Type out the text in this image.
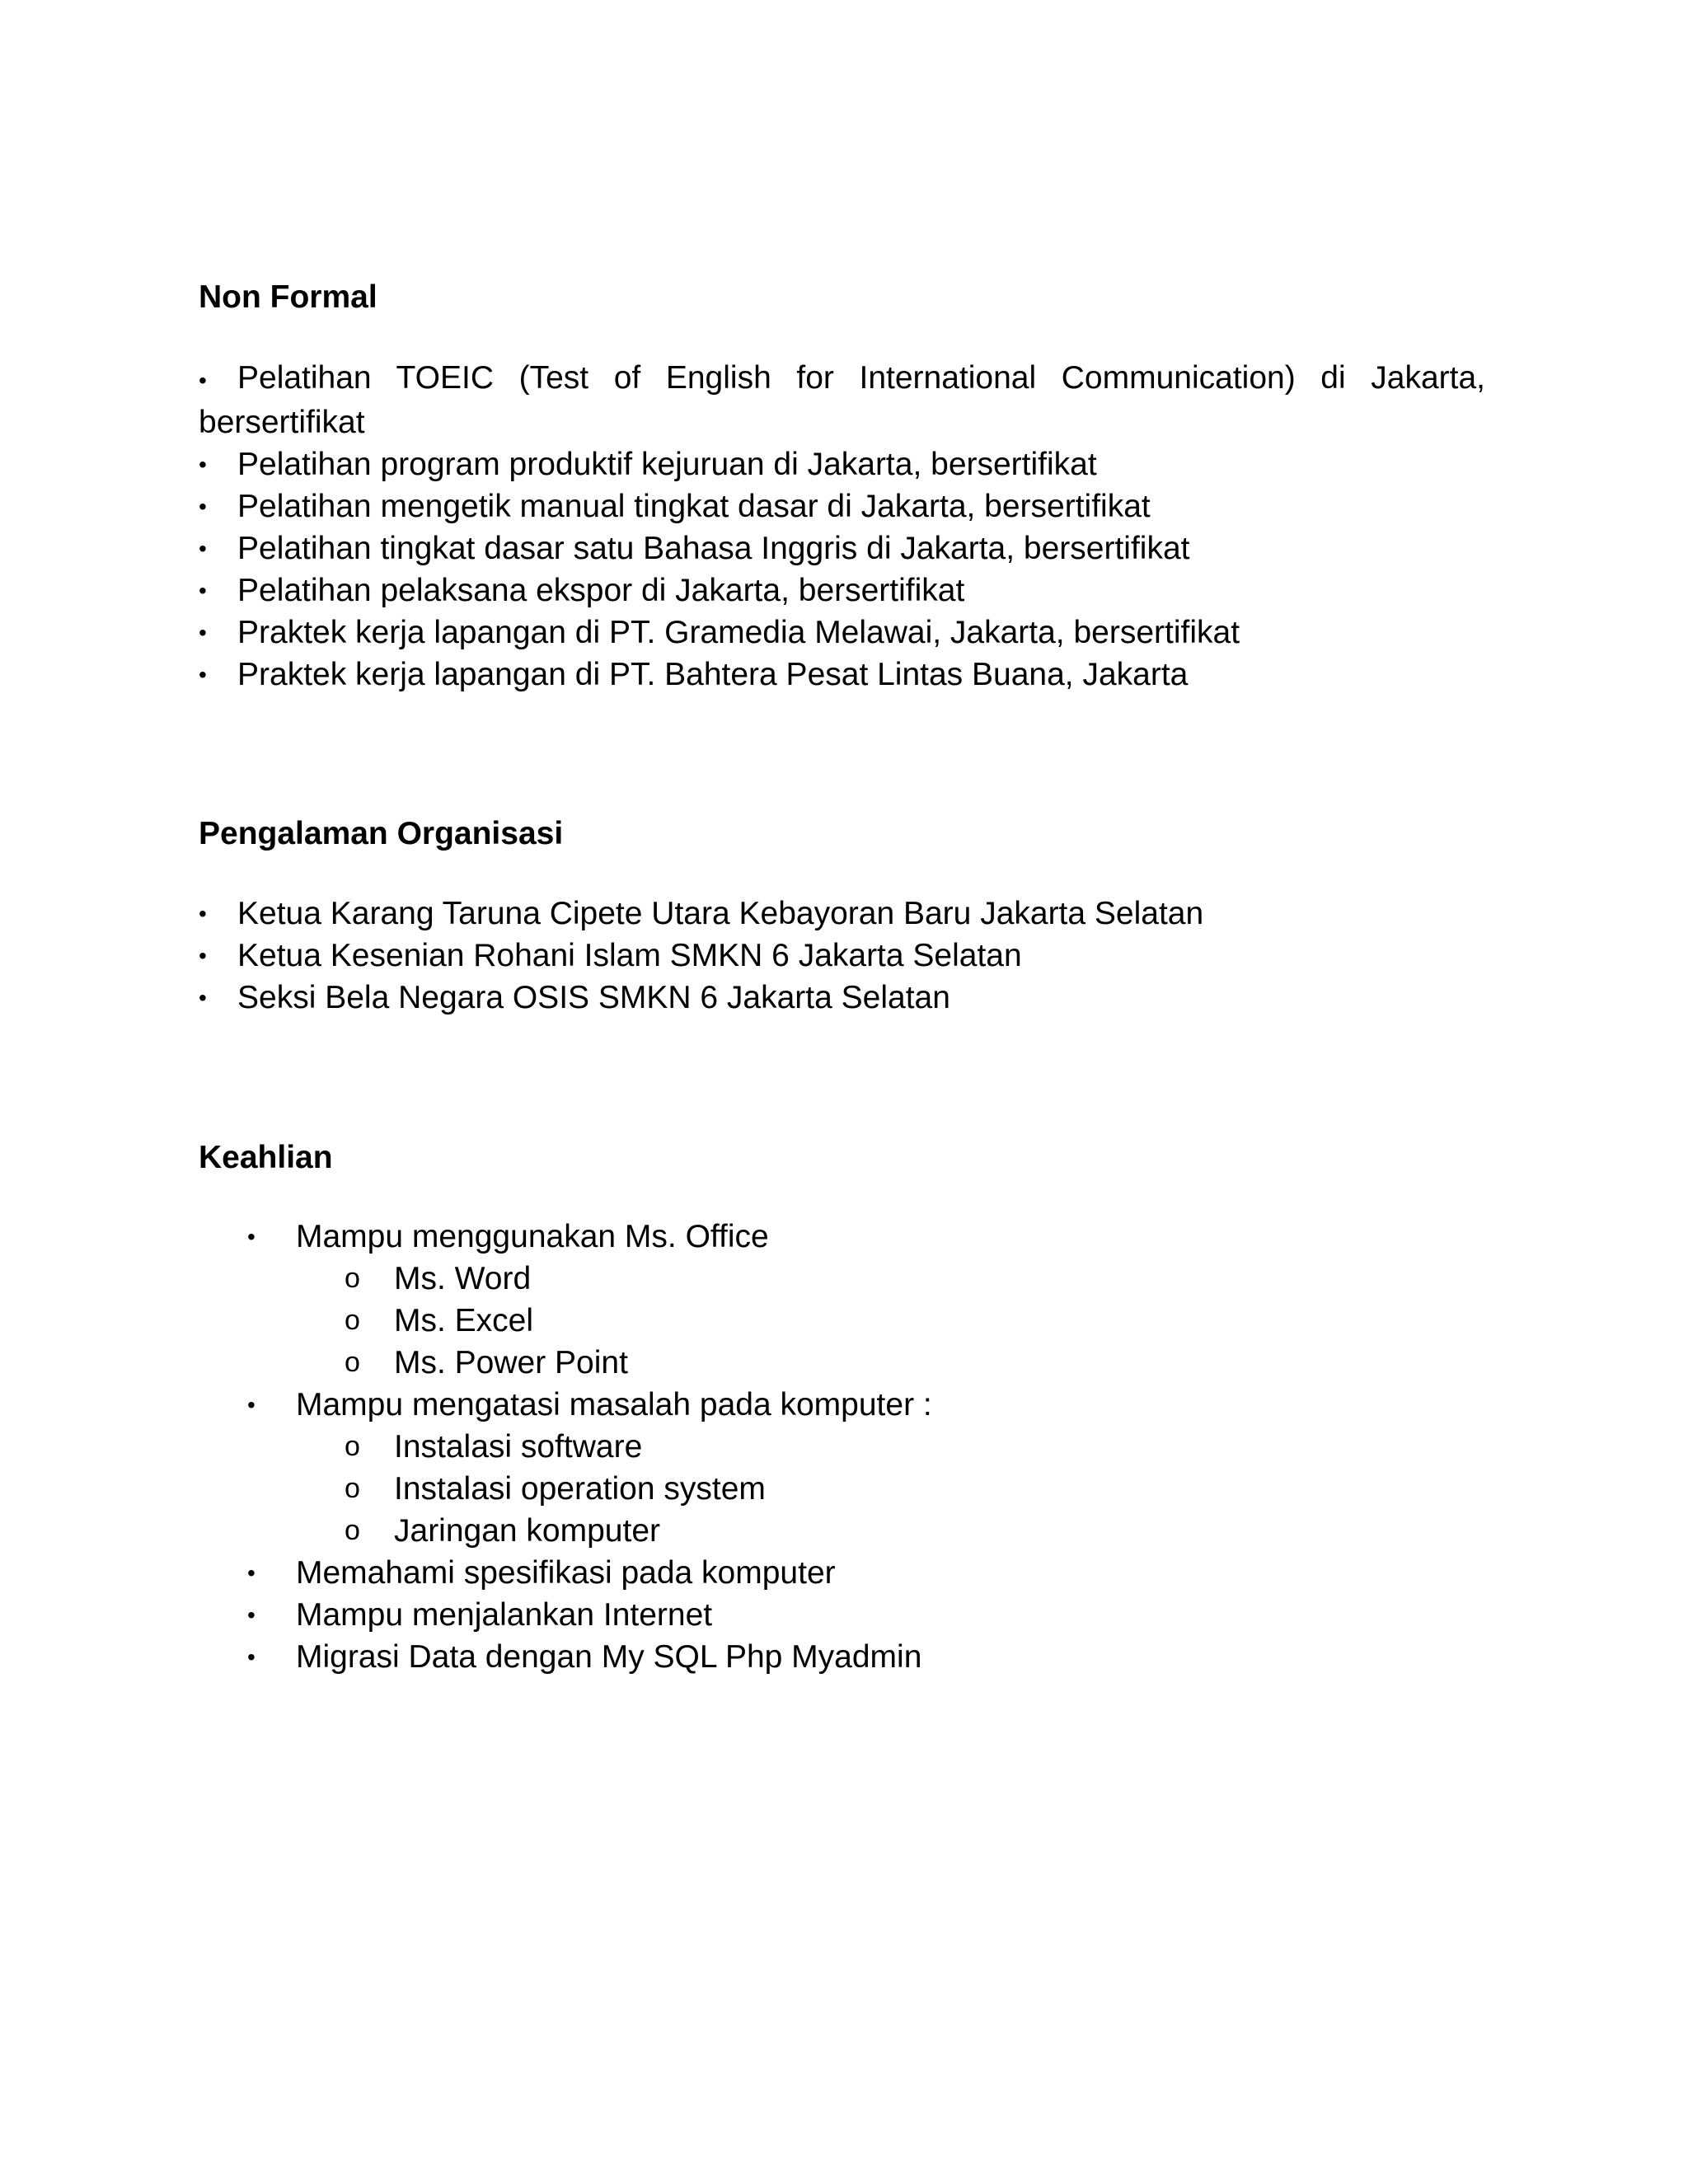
Non Formal
• Pelatihan TOEIC (Test of English for International Communication) di Jakarta, bersertifikat
• Pelatihan program produktif kejuruan di Jakarta, bersertifikat
• Pelatihan mengetik manual tingkat dasar di Jakarta, bersertifikat
• Pelatihan tingkat dasar satu Bahasa Inggris di Jakarta, bersertifikat
• Pelatihan pelaksana ekspor di Jakarta, bersertifikat
• Praktek kerja lapangan di PT. Gramedia Melawai, Jakarta, bersertifikat
• Praktek kerja lapangan di PT. Bahtera Pesat Lintas Buana, Jakarta
Pengalaman Organisasi
• Ketua Karang Taruna Cipete Utara Kebayoran Baru Jakarta Selatan
• Ketua Kesenian Rohani Islam SMKN 6 Jakarta Selatan
• Seksi Bela Negara OSIS SMKN 6 Jakarta Selatan
Keahlian
• Mampu menggunakan Ms. Office
o Ms. Word
o Ms. Excel
o Ms. Power Point
• Mampu mengatasi masalah pada komputer :
o Instalasi software
o Instalasi operation system
o Jaringan komputer
• Memahami spesifikasi pada komputer
• Mampu menjalankan Internet
• Migrasi Data dengan My SQL Php Myadmin
